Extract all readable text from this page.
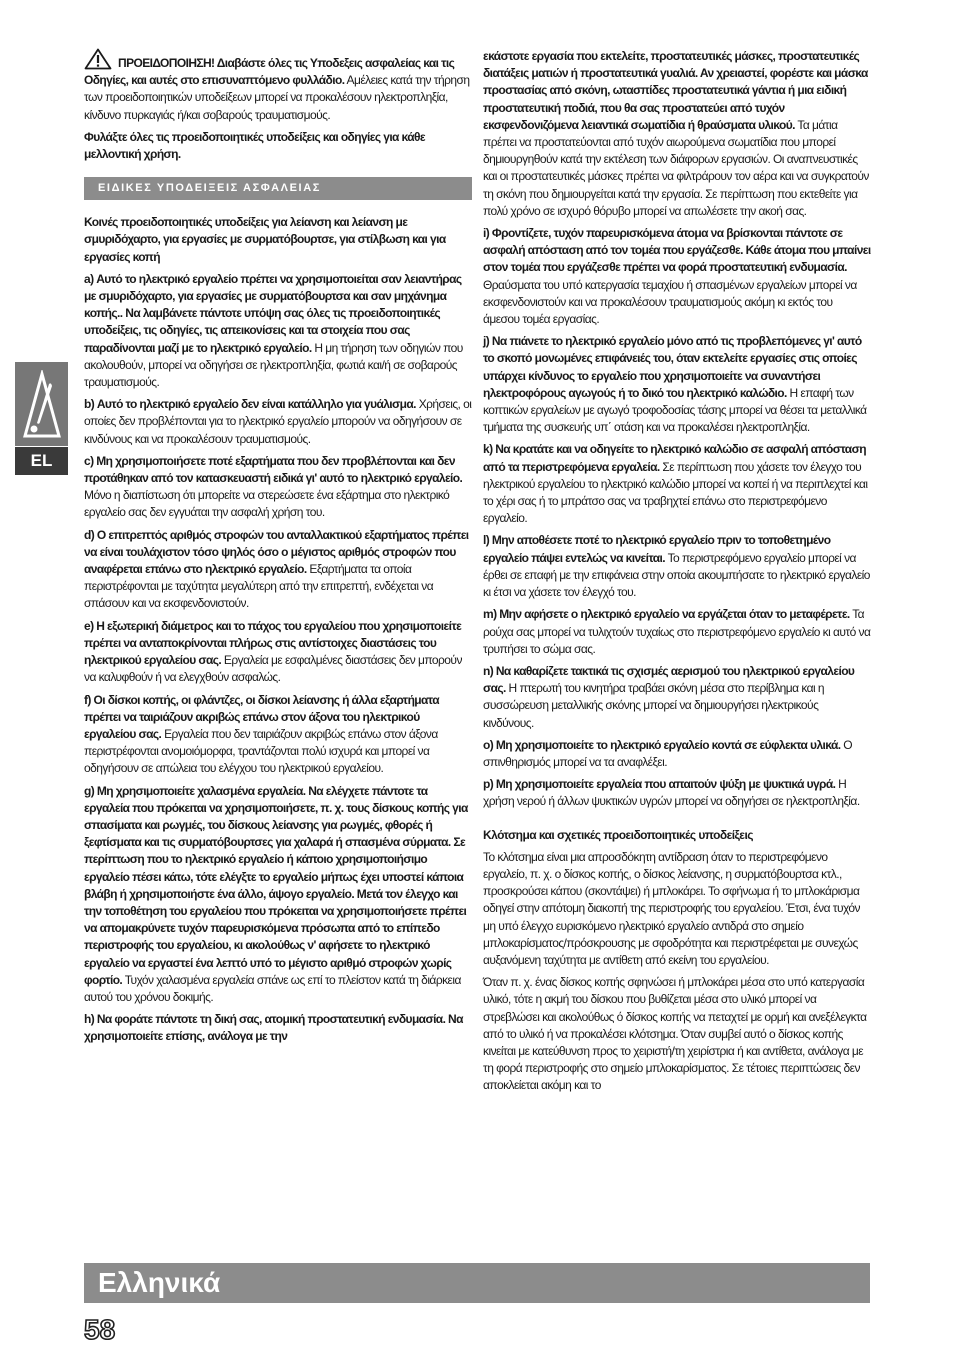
EL

ΠΡΟΕΙΔΟΠΟΙΗΣΗ! Διαβάστε όλες τις Υποδεξεις ασφαλείας και τις Οδηγίες, και αυτές στο επισυναπτόμενο φυλλάδιο. Αμέλειες κατά την τήρηση των προειδοποιητικών υποδείξεων μπορεί να προκαλέσουν ηλεκτροπληξία, κίνδυνο πυρκαγιάς ή/και σοβαρούς τραυματισμούς.

Φυλάξτε όλες τις προειδοποιητικές υποδείξεις και οδηγίες για κάθε μελλοντική χρήση.

ΕΙΔΙΚΕΣ ΥΠΟΔΕΙΞΕΙΣ ΑΣΦΑΛΕΙΑΣ

Κοινές προειδοποιητικές υποδείξεις για λείανση και λείανση με σμυριδόχαρτο, για εργασίες με συρματόβουρτσε, για στίλβωση και για εργασίες κοπή

a) Αυτό το ηλεκτρικό εργαλείο πρέπει να χρησιμοποιείται σαν λειαντήρας με σμυριδόχαρτο, για εργασίες με συρματόβουρτσα και σαν μηχάνημα κοπής.. Να λαμβάνετε πάντοτε υπόψη σας όλες τις προειδοποιητικές υποδείξεις, τις οδηγίες, τις απεικονίσεις και τα στοιχεία που σας παραδίνονται μαζί με το ηλεκτρικό εργαλείο. Η μη τήρηση των οδηγιών που ακολουθούν, μπορεί να οδηγήσει σε ηλεκτροπληξία, φωτιά και/ή σε σοβαρούς τραυματισμούς.

b) Αυτό το ηλεκτρικό εργαλείο δεν είναι κατάλληλο για γυάλισμα. Χρήσεις, οι οποίες δεν προβλέπονται για το ηλεκτρικό εργαλείο μπορούν να οδηγήσουν σε κινδύνους και να προκαλέσουν τραυματισμούς.

c) Μη χρησιμοποιήσετε ποτέ εξαρτήματα που δεν προβλέπονται και δεν προτάθηκαν από τον κατασκευαστή ειδικά γι' αυτό το ηλεκτρικό εργαλείο. Μόνο η διαπίστωση ότι μπορείτε να στερεώσετε ένα εξάρτημα στο ηλεκτρικό εργαλείο σας δεν εγγυάται την ασφαλή χρήση του.

d) Ο επιτρεπτός αριθμός στροφών του ανταλλακτικού εξαρτήματος πρέπει να είναι τουλάχιστον τόσο ψηλός όσο ο μέγιστος αριθμός στροφών που αναφέρεται επάνω στο ηλεκτρικό εργαλείο. Εξαρτήματα τα οποία περιστρέφονται με ταχύτητα μεγαλύτερη από την επιτρεπτή, ενδέχεται να σπάσουν και να εκσφενδονιστούν.

e) Η εξωτερική διάμετρος και το πάχος του εργαλείου που χρησιμοποιείτε πρέπει να ανταποκρίνονται πλήρως στις αντίστοιχες διαστάσεις του ηλεκτρικού εργαλείου σας. Εργαλεία με εσφαλμένες διαστάσεις δεν μπορούν να καλυφθούν ή να ελεγχθούν ασφαλώς.

f) Οι δίσκοι κοπής, οι φλάντζες, οι δίσκοι λείανσης ή άλλα εξαρτήματα πρέπει να ταιριάζουν ακριβώς επάνω στον άξονα του ηλεκτρικού εργαλείου σας. Εργαλεία που δεν ταιριάζουν ακριβώς επάνω στον άξονα περιστρέφονται ανομοιόμορφα, τραντάζονται πολύ ισχυρά και μπορεί να οδηγήσουν σε απώλεια του ελέγχου του ηλεκτρικού εργαλείου.

g) Μη χρησιμοποιείτε χαλασμένα εργαλεία. Να ελέγχετε πάντοτε τα εργαλεία που πρόκειται να χρησιμοποιήσετε, π. χ. τους δίσκους κοπής για σπασίματα και ρωγμές, του δίσκους λείανσης για ρωγμές, φθορές ή ξεφτίσματα και τις συρματόβουρτσες για χαλαρά ή σπασμένα σύρματα. Σε περίπτωση που το ηλεκτρικό εργαλείο ή κάποιο χρησιμοποιήσιμο εργαλείο πέσει κάτω, τότε ελέγξτε το εργαλείο μήπως έχει υποστεί κάποια βλάβη ή χρησιμοποιήστε ένα άλλο, άψογο εργαλείο. Μετά τον έλεγχο και την τοποθέτηση του εργαλείου που πρόκειται να χρησιμοποιήσετε πρέπει να απομακρύνετε τυχόν παρευρισκόμενα πρόσωπα από το επίπεδο περιστροφής του εργαλείου, κι ακολούθως ν' αφήσετε το ηλεκτρικό εργαλείο να εργαστεί ένα λεπτό υπό το μέγιστο αριθμό στροφών χωρίς φορτίο. Τυχόν χαλασμένα εργαλεία σπάνε ως επί το πλείστον κατά τη διάρκεια αυτού του χρόνου δοκιμής.

h) Να φοράτε πάντοτε τη δική σας, ατομική προστατευτική ενδυμασία. Να χρησιμοποιείτε επίσης, ανάλογα με την

εκάστοτε εργασία που εκτελείτε, προστατευτικές μάσκες, προστατευτικές διατάξεις ματιών ή προστατευτικά γυαλιά. Αν χρειαστεί, φορέστε και μάσκα προστασίας από σκόνη, ωτασπίδες προστατευτικά γάντια ή μια ειδική προστατευτική ποδιά, που θα σας προστατεύει από τυχόν εκσφενδονιζόμενα λειαντικά σωματίδια ή θραύσματα υλικού. Τα μάτια πρέπει να προστατεύονται από τυχόν αιωρούμενα σωματίδια που μπορεί δημιουργηθούν κατά την εκτέλεση των διάφορων εργασιών. Οι αναπνευστικές και οι προστατευτικές μάσκες πρέπει να φιλτράρουν τον αέρα και να συγκρατούν τη σκόνη που δημιουργείται κατά την εργασία. Σε περίπτωση που εκτεθείτε για πολύ χρόνο σε ισχυρό θόρυβο μπορεί να απωλέσετε την ακοή σας.

i) Φροντίζετε, τυχόν παρευρισκόμενα άτομα να βρίσκονται πάντοτε σε ασφαλή απόσταση από τον τομέα που εργάζεσθε. Κάθε άτομα που μπαίνει στον τομέα που εργάζεσθε πρέπει να φορά προστατευτική ενδυμασία. Θραύσματα του υπό κατεργασία τεμαχίου ή σπασμένων εργαλείων μπορεί να εκσφενδονιστούν και να προκαλέσουν τραυματισμούς ακόμη κι εκτός του άμεσου τομέα εργασίας.

j) Να πιάνετε το ηλεκτρικό εργαλείο μόνο από τις προβλεπόμενες γι' αυτό το σκοπό μονωμένες επιφάνειές του, όταν εκτελείτε εργασίες στις οποίες υπάρχει κίνδυνος το εργαλείο που χρησιμοποιείτε να συναντήσει ηλεκτροφόρους αγωγούς ή το δικό του ηλεκτρικό καλώδιο. Η επαφή των κοπτικών εργαλείων με αγωγό τροφοδοσίας τάσης μπορεί να θέσει τα μεταλλικά τμήματα της συσκευής υπ΄ οτάση και να προκαλέσει ηλεκτροπληξία.

k) Να κρατάτε και να οδηγείτε το ηλεκτρικό καλώδιο σε ασφαλή απόσταση από τα περιστρεφόμενα εργαλεία. Σε περίπτωση που χάσετε τον έλεγχο του ηλεκτρικού εργαλείου το ηλεκτρικό καλώδιο μπορεί να κοπεί ή να περιπλεχτεί και το χέρι σας ή το μπράτσο σας να τραβηχτεί επάνω στο περιστρεφόμενο εργαλείο.

l) Μην αποθέσετε ποτέ το ηλεκτρικό εργαλείο πριν το τοποθετημένο εργαλείο πάψει εντελώς να κινείται. Το περιστρεφόμενο εργαλείο μπορεί να έρθει σε επαφή με την επιφάνεια στην οποία ακουμπήσατε το ηλεκτρικό εργαλείο κι έτσι να χάσετε τον έλεγχό του.

m) Μην αφήσετε ο ηλεκτρικό εργαλείο να εργάζεται όταν το μεταφέρετε. Τα ρούχα σας μπορεί να τυλιχτούν τυχαίως στο περιστρεφόμενο εργαλείο κι αυτό να τρυπήσει το σώμα σας.

n) Να καθαρίζετε τακτικά τις σχισμές αερισμού του ηλεκτρικού εργαλείου σας. Η πτερωτή του κινητήρα τραβάει σκόνη μέσα στο περίβλημα και η συσσώρευση μεταλλικής σκόνης μπορεί να δημιουργήσει ηλεκτρικούς κινδύνους.

o) Μη χρησιμοποιείτε το ηλεκτρικό εργαλείο κοντά σε εύφλεκτα υλικά. Ο σπινθηρισμός μπορεί να τα αναφλέξει.

p) Μη χρησιμοποιείτε εργαλεία που απαιτούν ψύξη με ψυκτικά υγρά. Η χρήση νερού ή άλλων ψυκτικών υγρών μπορεί να οδηγήσει σε ηλεκτροπληξία.

Κλότσημα και σχετικές προειδοποιητικές υποδείξεις

Το κλότσημα είναι μια απροσδόκητη αντίδραση όταν το περιστρεφόμενο εργαλείο, π. χ. ο δίσκος κοπής, ο δίσκος λείανσης, η συρματόβουρτσα κτλ., προσκρούσει κάπου (σκοντάψει) ή μπλοκάρει. Το σφήνωμα ή το μπλοκάρισμα οδηγεί στην απότομη διακοπή της περιστροφής του εργαλείου. Έτσι, ένα τυχόν μη υπό έλεγχο ευρισκόμενο ηλεκτρικό εργαλείο αντιδρά στο σημείο μπλοκαρίσματος/πρόσκρουσης με σφοδρότητα και περιστρέφεται με συνεχώς αυξανόμενη ταχύτητα με αντίθετη από εκείνη του εργαλείου.

Όταν π. χ. ένας δίσκος κοπής σφηνώσει ή μπλοκάρει μέσα στο υπό κατεργασία υλικό, τότε η ακμή του δίσκου που βυθίζεται μέσα στο υλικό μπορεί να στρεβλώσει και ακολούθως ό δίσκος κοπής να πεταχτεί με ορμή και ανεξέλεγκτα από το υλικό ή να προκαλέσει κλότσημα. Όταν συμβεί αυτό ο δίσκος κοπής κινείται με κατεύθυνση προς το χειριστή/τη χειρίστρια ή και αντίθετα, ανάλογα με τη φορά περιστροφής στο σημείο μπλοκαρίσματος. Σε τέτοιες περιπτώσεις δεν αποκλείεται ακόμη και το

Ελληνικά
58
